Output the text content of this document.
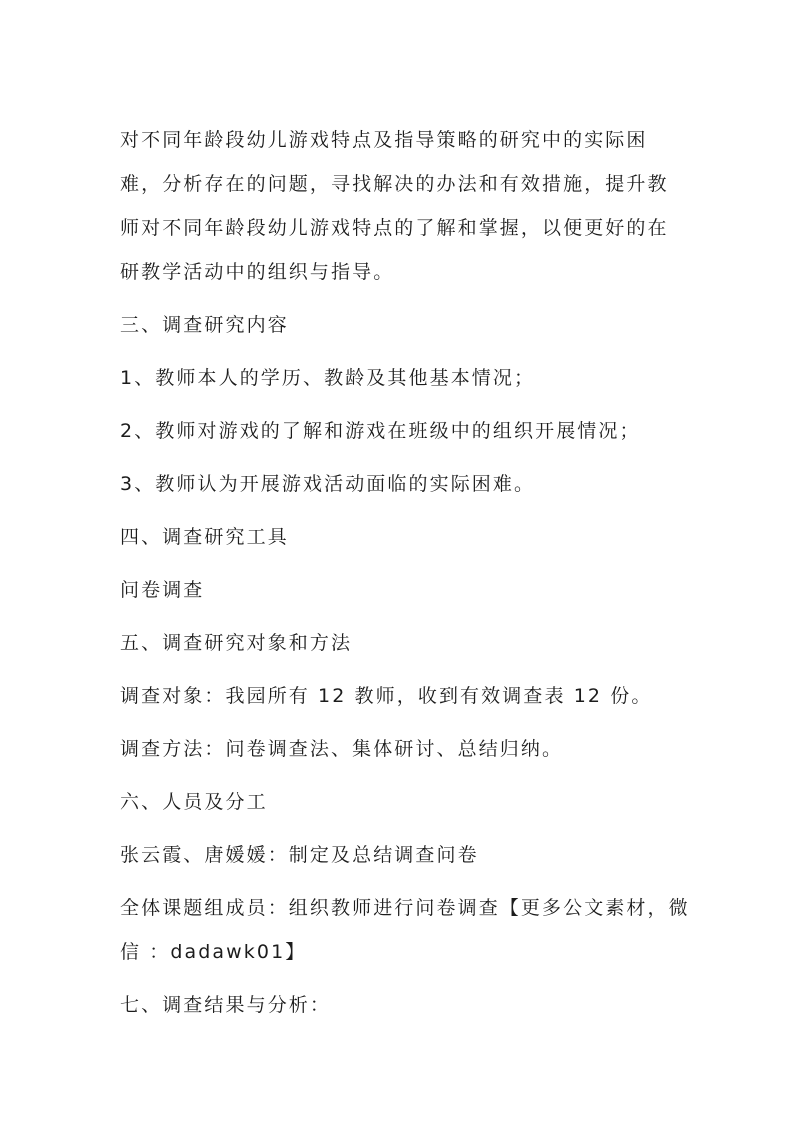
对不同年龄段幼儿游戏特点及指导策略的研究中的实际困
难，分析存在的问题，寻找解决的办法和有效措施，提升教
师对不同年龄段幼儿游戏特点的了解和掌握，以便更好的在
研教学活动中的组织与指导。
三、调查研究内容
1、教师本人的学历、教龄及其他基本情况；
2、教师对游戏的了解和游戏在班级中的组织开展情况；
3、教师认为开展游戏活动面临的实际困难。
四、调查研究工具
问卷调查
五、调查研究对象和方法
调查对象：我园所有 12 教师，收到有效调查表 12 份。
调查方法：问卷调查法、集体研讨、总结归纳。
六、人员及分工
张云霞、唐媛媛：制定及总结调查问卷
全体课题组成员：组织教师进行问卷调查【更多公文素材，微
信 ：dadawk01】
七、调查结果与分析：
